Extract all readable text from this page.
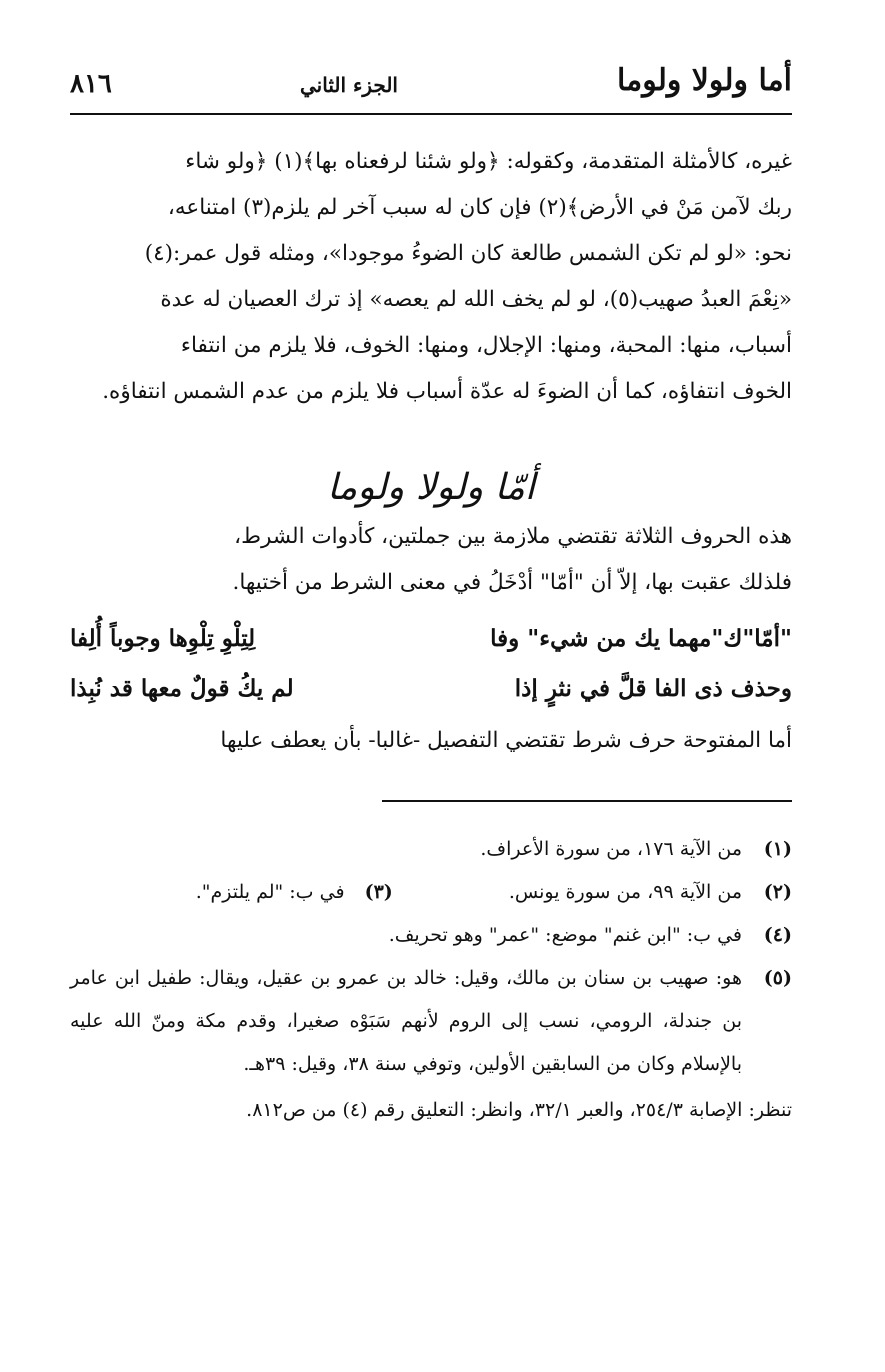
أما ولولا ولوما
الجزء الثاني
٨١٦

غيره، كالأمثلة المتقدمة، وكقوله: ﴿ولو شئنا لرفعناه بها﴾(١) ﴿ولو شاء

ربك لآمن مَنْ في الأرض﴾(٢) فإن كان له سبب آخر لم يلزم(٣) امتناعه،

نحو: «لو لم تكن الشمس طالعة كان الضوءُ موجودا»، ومثله قول عمر:(٤)

«نِعْمَ العبدُ صهيب(٥)، لو لم يخف الله لم يعصه» إذ ترك العصيان له عدة

أسباب، منها: المحبة، ومنها: الإجلال، ومنها: الخوف، فلا يلزم من انتفاء

الخوف انتفاؤه، كما أن الضوءَ له عدّة أسباب فلا يلزم من عدم الشمس انتفاؤه.

أمّا ولولا ولوما

هذه الحروف الثلاثة تقتضي ملازمة بين جملتين، كأدوات الشرط،

فلذلك عقبت بها، إلاّ أن "أمّا" أدْخَلُ في معنى الشرط من أختيها.

"أمّا"ك"مهما يك من شيء" وفا
لِتِلْوِ تِلْوِها وجوباً أُلِفا
وحذف ذى الفا قلَّ في نثرٍ إذا
لم يكُ قولٌ معها قد نُبِذا
أما المفتوحة حرف شرط تقتضي التفصيل -غالبا- بأن يعطف عليها
(١)
من الآية ١٧٦، من سورة الأعراف.
(٢)
من الآية ٩٩، من سورة يونس. (٣) في ب: "لم يلتزم".
(٤)
في ب: "ابن غنم" موضع: "عمر" وهو تحريف.
(٥)
هو: صهيب بن سنان بن مالك، وقيل: خالد بن عمرو بن عقيل، ويقال: طفيل ابن عامر بن جندلة، الرومي، نسب إلى الروم لأنهم سَبَوْه صغيرا، وقدم مكة ومنّ الله عليه بالإسلام وكان من السابقين الأولين، وتوفي سنة ٣٨، وقيل: ٣٩هـ.
تنظر: الإصابة ٢٥٤/٣، والعبر ٣٢/١، وانظر: التعليق رقم (٤) من ص٨١٢.
